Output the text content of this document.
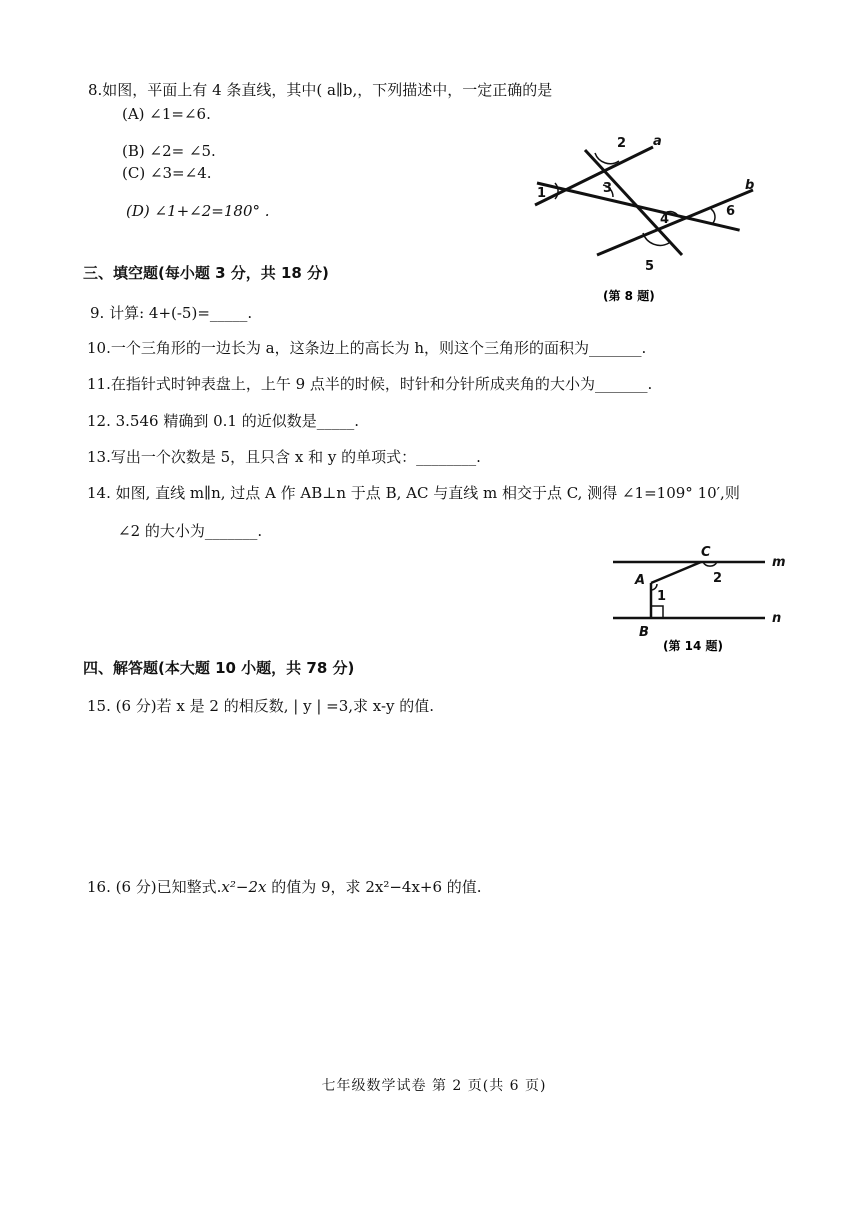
8.如图，平面上有 4 条直线，其中( a∥b,，下列描述中，一定正确的是
(A) ∠1=∠6.
(B) ∠2= ∠5.
(C) ∠3=∠4.
(D) ∠1+∠2=180° .
2 a
1	3	b
4
6
5
(第 8 题)
三、填空题(每小题 3 分，共 18 分)
9. 计算: 4+(-5)=_____.
10.一个三角形的一边长为 a，这条边上的高长为 h，则这个三角形的面积为_______.
11.在指针式时钟表盘上，上午 9 点半的时候，时针和分针所成夹角的大小为_______.
12. 3.546 精确到 0.1 的近似数是_____.
13.写出一个次数是 5，且只含 x 和 y 的单项式：________.
14. 如图, 直线 m∥n, 过点 A 作 AB⊥n 于点 B, AC 与直线 m 相交于点 C, 测得 ∠1=109° 10′,则
∠2 的大小为_______.
C
m
A
1
2
n
B
(第 14 题)
四、解答题(本大题 10 小题，共 78 分)
15. (6 分)若 x 是 2 的相反数, | y | =3,求 x-y 的值.
16. (6 分)已知整式.x²−2x 的值为 9，求 2x²−4x+6 的值.
七年级数学试卷 第 2 页(共 6 页)
